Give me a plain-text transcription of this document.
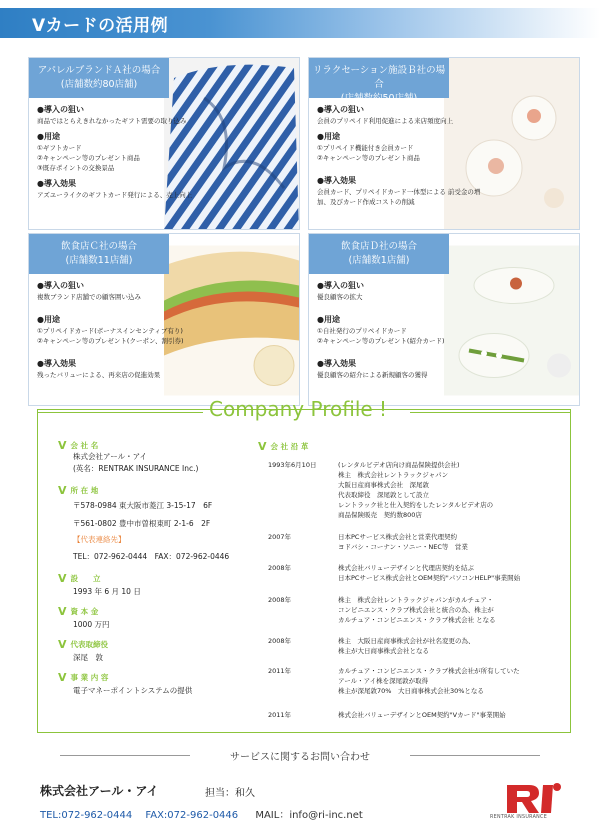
Vカードの活用例
アパレルブランドＡ社の場合
(店舗数約80店舗)
●導入の狙い
商品ではとらえきれなかったギフト需要の取り込み
●用途
①ギフトカード
②キャンペーン等のプレゼント商品
③既存ポイントの交換景品
●導入効果
アズユーライクのギフトカード発行による、売上向上
リラクセーション施設Ｂ社の場合
(店舗数約50店舗)
●導入の狙い
会員のプリペイド利用促進による来店頻度向上
●用途
①プリペイド機能付き会員カード
②キャンペーン等のプレゼント商品
●導入効果
会員カード、プリペイドカード一体型による 前受金の増加、及びカード作成コストの削減
飲食店Ｃ社の場合
(店舗数11店舗)
●導入の狙い
複数ブランド店舗での顧客囲い込み
●用途
①プリペイドカード(ボーナスインセンティブ有り)
②キャンペーン等のプレゼント(クーポン、割引券)
●導入効果
残ったバリューによる、再来店の促進効果
飲食店Ｄ社の場合
(店舗数1店舗)
●導入の狙い
優良顧客の拡大
●用途
①自社発行のプリペイドカード
②キャンペーン等のプレゼント(紹介カード)
●導入効果
優良顧客の紹介による新規顧客の獲得
Company Profile !
V 会 社 名
株式会社アール・アイ
(英名：RENTRAK INSURANCE Inc.)
V 所 在 地
〒578-0984 東大阪市菱江 3-15-17　6F
〒561-0802 豊中市曽根東町 2-1-6　2F
【代表連絡先】
TEL：072-962-0444　FAX：072-962-0446
V 設　　立
1993 年 6 月 10 日
V 資 本 金
1000 万円
V 代表取締役
深尾　敦
V 事 業 内 容
電子マネーポイントシステムの提供
V 会 社 沿 革
1993年6月10日	(レンタルビデオ店向け商品保険提供会社)
株主　株式会社レントラックジャパン
大阪日産商事株式会社　深尾敦
代表取締役　深尾敦として設立
レントラック社と仕入契約をしたレンタルビデオ店の
商品保険販売　契約数800店
2007年	日本PCサービス株式会社と営業代理契約
ヨドバシ・コーナン・ソニー・NEC等　営業
2008年	株式会社バリューデザインと代理店契約を結ぶ
日本PCサービス株式会社とOEM契約"パソコンHELP"事業開始
2008年	株主　株式会社レントラックジャパンがカルチュア・
コンビニエンス・クラブ株式会社と統合の為、株主が
カルチュア・コンビニエンス・クラブ株式会社 となる
2008年	株主　大阪日産商事株式会社が社名変更の為、
株主が大日商事株式会社となる
2011年	カルチュア・コンビニエンス・クラブ株式会社が所有していた
アール・アイ株を深尾敦が取得
株主が深尾敦70%　大日商事株式会社30%となる
2011年	株式会社バリューデザインとOEM契約"Vカード"事業開始
サービスに関するお問い合わせ
株式会社アール・アイ	担当：和久
TEL:072-962-0444 FAX:072-962-0446 MAIL：info@ri-inc.net	RENTRAK INSURANCE
